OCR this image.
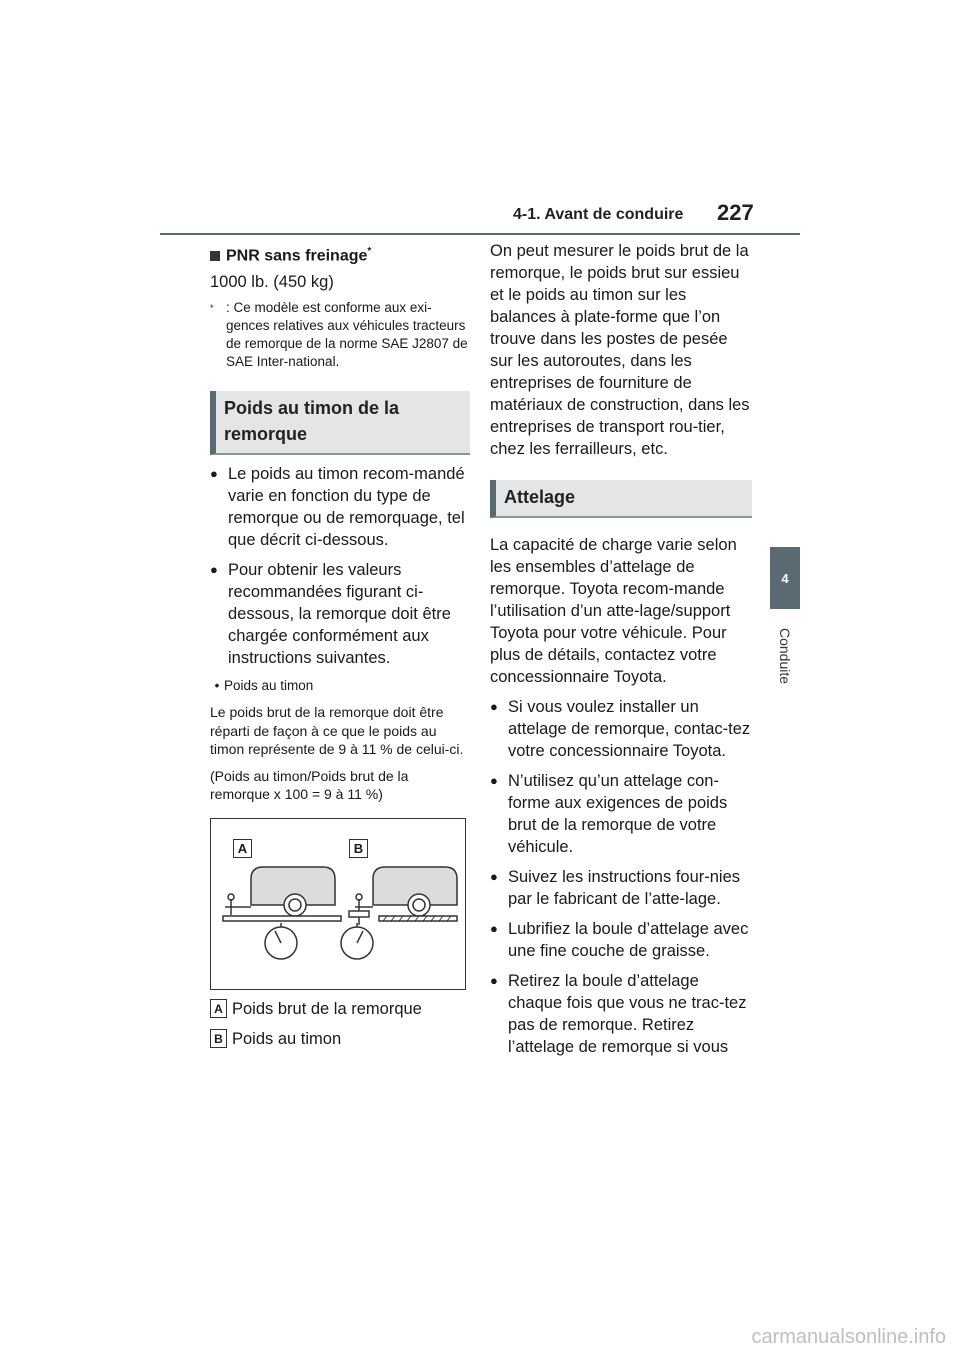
4-1. Avant de conduire 227
4
Conduite
PNR sans freinage*
1000 lb. (450 kg)
* : Ce modèle est conforme aux exi-gences relatives aux véhicules tracteurs de remorque de la norme SAE J2807 de SAE Inter-national.
Poids au timon de la remorque
● Le poids au timon recom-mandé varie en fonction du type de remorque ou de remorquage, tel que décrit ci-dessous.
● Pour obtenir les valeurs recommandées figurant ci-dessous, la remorque doit être chargée conformément aux instructions suivantes.
• Poids au timon
Le poids brut de la remorque doit être réparti de façon à ce que le poids au timon représente de 9 à 11 % de celui-ci.
(Poids au timon/Poids brut de la remorque x 100 = 9 à 11 %)
A	B
A Poids brut de la remorque
B Poids au timon
On peut mesurer le poids brut de la remorque, le poids brut sur essieu et le poids au timon sur les balances à plate-forme que l’on trouve dans les postes de pesée sur les autoroutes, dans les entreprises de fourniture de matériaux de construction, dans les entreprises de transport rou-tier, chez les ferrailleurs, etc.
Attelage
La capacité de charge varie selon les ensembles d’attelage de remorque. Toyota recom-mande l’utilisation d’un atte-lage/support Toyota pour votre véhicule. Pour plus de détails, contactez votre concessionnaire Toyota.
● Si vous voulez installer un attelage de remorque, contac-tez votre concessionnaire Toyota.
● N’utilisez qu’un attelage con-forme aux exigences de poids brut de la remorque de votre véhicule.
● Suivez les instructions four-nies par le fabricant de l’atte-lage.
● Lubrifiez la boule d’attelage avec une fine couche de graisse.
● Retirez la boule d’attelage chaque fois que vous ne trac-tez pas de remorque. Retirez l’attelage de remorque si vous
carmanualsonline.info
